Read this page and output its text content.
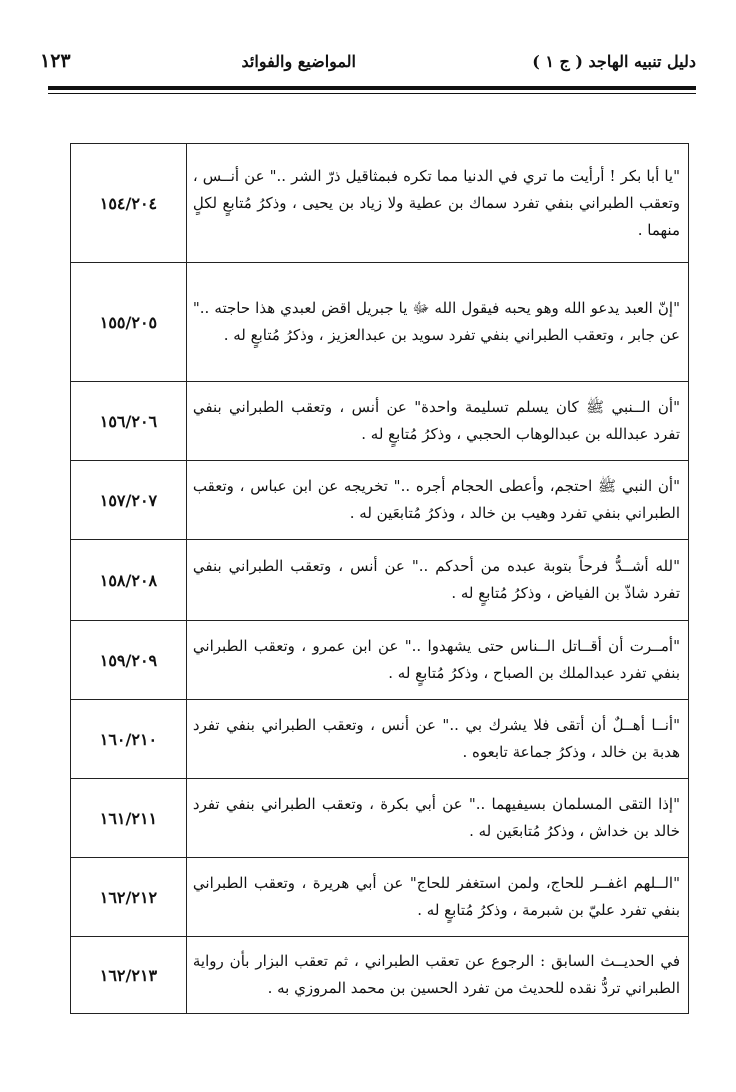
دليل تنبيه الهاجد ( ج ١ )
المواضيع والفوائد
١٢٣
"يا أبا بكر ! أرأيت ما تري في الدنيا مما تكره فبمثاقيل ذرّ الشر .." عن أنــس ، وتعقب الطبراني بنفي تفرد سماك بن عطية ولا زياد بن يحيى ، وذكرُ مُتابعٍ لكلٍ منهما .	١٥٤/٢٠٤
"إنّ العبد يدعو الله وهو يحبه فيقول الله ﷻ يا جبريل اقض لعبدي هذا حاجته .." عن جابر ، وتعقب الطبراني بنفي تفرد سويد بن عبدالعزيز ، وذكرُ مُتابعٍ له .	١٥٥/٢٠٥
"أن الــنبي ﷺ كان يسلم تسليمة واحدة" عن أنس ، وتعقب الطبراني بنفي تفرد عبدالله بن عبدالوهاب الحجبي ، وذكرُ مُتابعٍ له .	١٥٦/٢٠٦
"أن النبي ﷺ احتجم، وأعطى الحجام أجره .." تخريجه عن ابن عباس ، وتعقب الطبراني بنفي تفرد وهيب بن خالد ، وذكرُ مُتابعَين له .	١٥٧/٢٠٧
"لله أشــدُّ فرحاً بتوبة عبده من أحدكم .." عن أنس ، وتعقب الطبراني بنفي تفرد شاذّ بن الفياض ، وذكرُ مُتابعٍ له .	١٥٨/٢٠٨
"أمــرت أن أقــاتل الــناس حتى يشهدوا .." عن ابن عمرو ، وتعقب الطبراني بنفي تفرد عبدالملك بن الصباح ، وذكرُ مُتابعٍ له .	١٥٩/٢٠٩
"أنــا أهــلٌ أن أتقى فلا يشرك بي .." عن أنس ، وتعقب الطبراني بنفي تفرد هدبة بن خالد ، وذكرُ جماعة تابعوه .	١٦٠/٢١٠
"إذا التقى المسلمان بسيفيهما .." عن أبي بكرة ، وتعقب الطبراني بنفي تفرد خالد بن خداش ، وذكرُ مُتابعَين له .	١٦١/٢١١
"الــلهم اغفــر للحاج، ولمن استغفر للحاج" عن أبي هريرة ، وتعقب الطبراني بنفي تفرد عليّ بن شبرمة ، وذكرُ مُتابعٍ له .	١٦٢/٢١٢
في الحديــث السابق : الرجوع عن تعقب الطبراني ، ثم تعقب البزار بأن رواية الطبراني تردُّ نقده للحديث من تفرد الحسين بن محمد المروزي به .	١٦٢/٢١٣
